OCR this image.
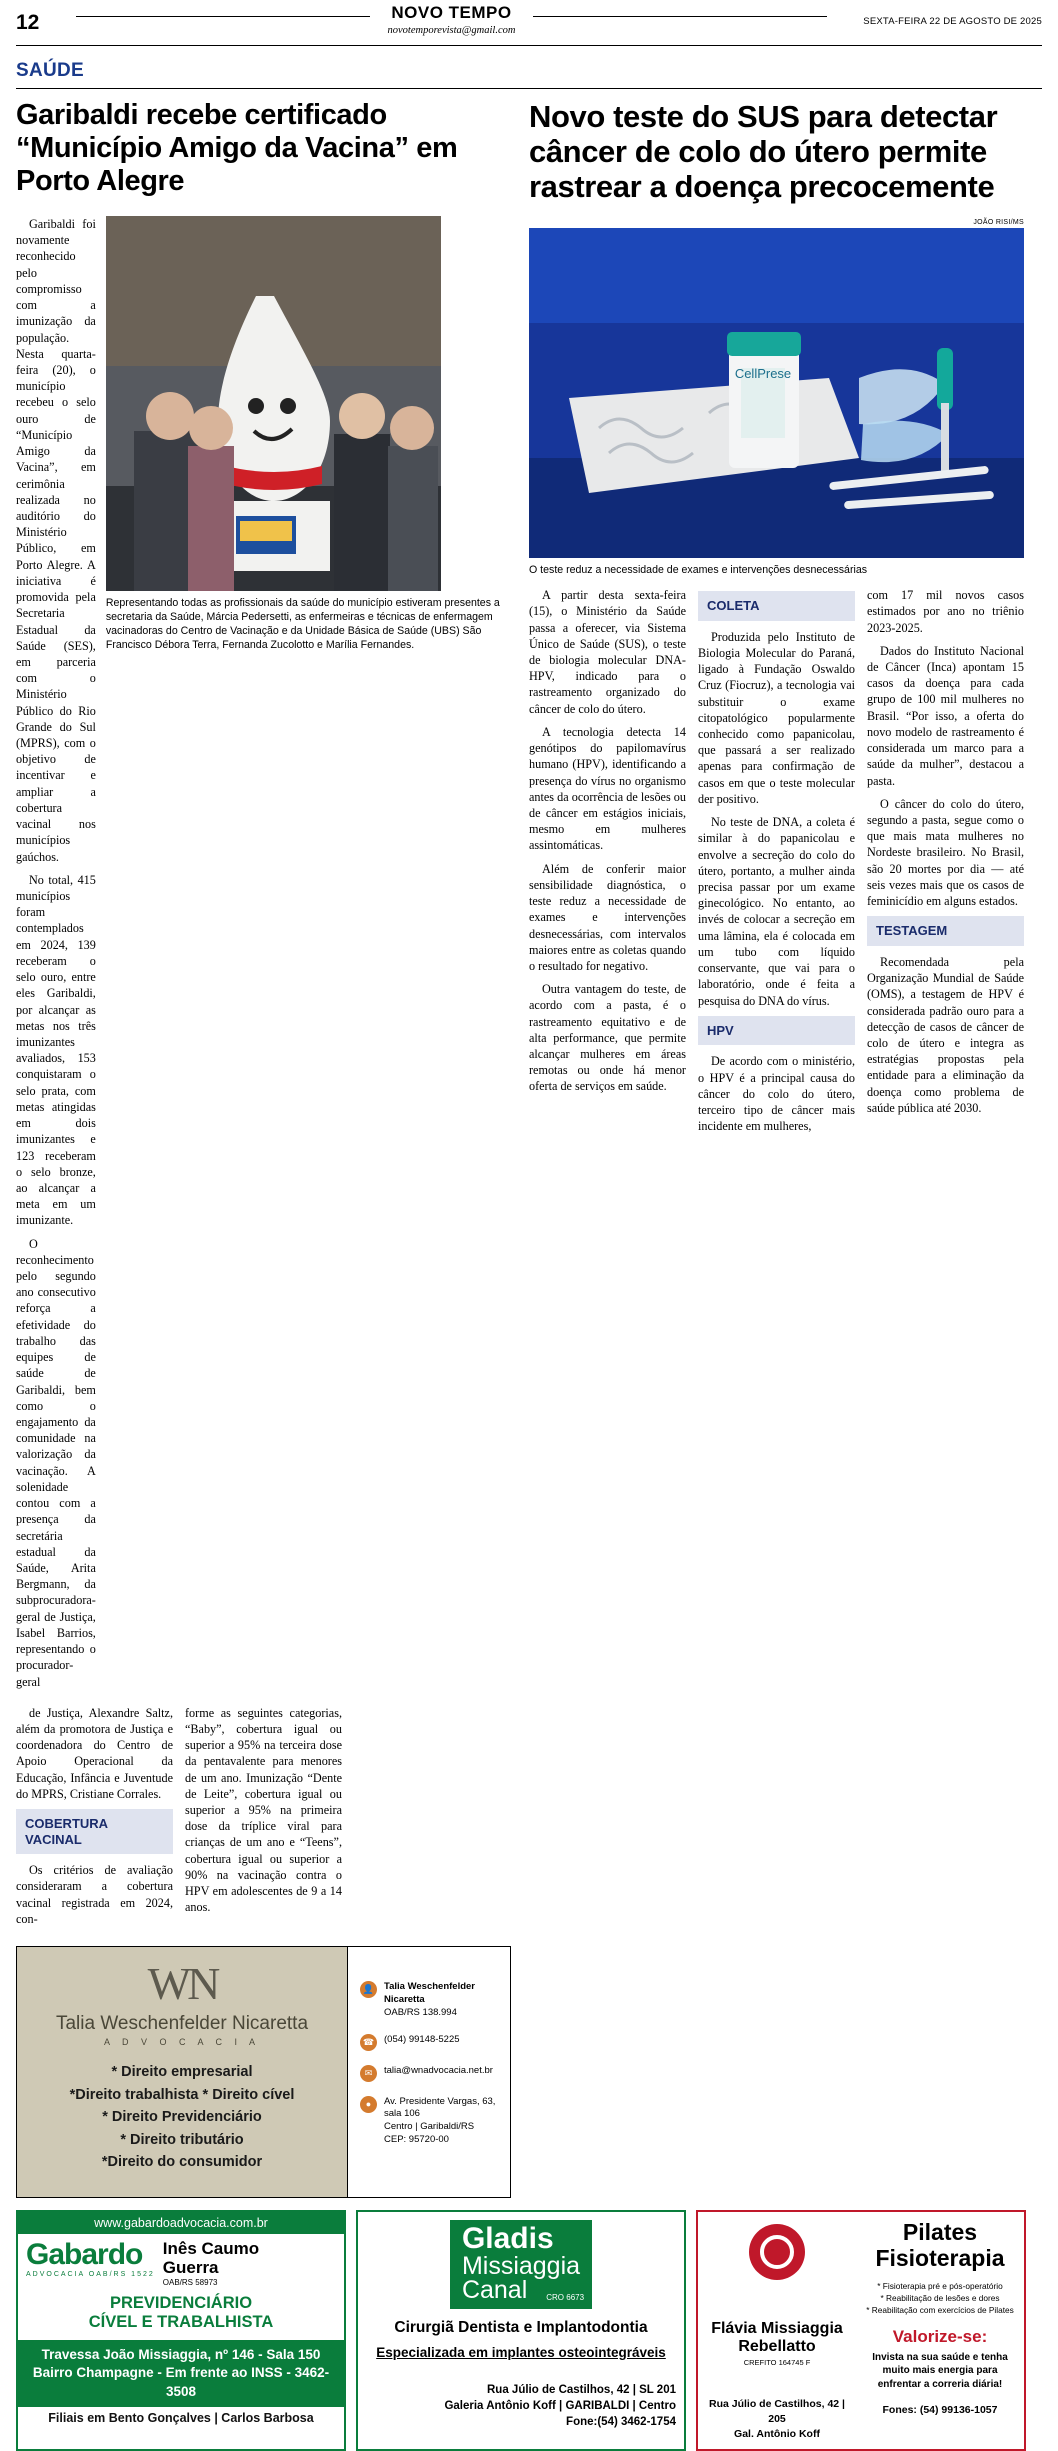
12	NOVO TEMPO
novotemporevista@gmail.com
SEXTA-FEIRA 22 DE AGOSTO DE 2025
SAÚDE
Garibaldi recebe certificado “Município Amigo da Vacina” em Porto Alegre
Novo teste do SUS para detectar câncer de colo do útero permite rastrear a doença precocemente

Garibaldi foi novamente reconhecido pelo compromisso com a imunização da população. Nesta quarta-feira (20), o município recebeu o selo ouro de “Município Amigo da Vacina”, em cerimônia realizada no auditório do Ministério Público, em Porto Alegre. A iniciativa é promovida pela Secretaria Estadual da Saúde (SES), em parceria com o Ministério Público do Rio Grande do Sul (MPRS), com o objetivo de incentivar e ampliar a cobertura vacinal nos municípios gaúchos.

No total, 415 municípios foram contemplados em 2024, 139 receberam o selo ouro, entre eles Garibaldi, por alcançar as metas nos três imunizantes avaliados, 153 conquistaram o selo prata, com metas atingidas em dois imunizantes e 123 receberam o selo bronze, ao alcançar a meta em um imunizante.

O reconhecimento pelo segundo ano consecutivo reforça a efetividade do trabalho das equipes de saúde de Garibaldi, bem como o engajamento da comunidade na valorização da vacinação. A solenidade contou com a presença da secretária estadual da Saúde, Arita Bergmann, da subprocuradora-geral de Justiça, Isabel Barrios, representando o procurador-geral

Representando todas as profissionais da saúde do município estiveram presentes a secretaria da Saúde, Márcia Pedersetti, as enfermeiras e técnicas de enfermagem vacinadoras do Centro de Vacinação e da Unidade Básica de Saúde (UBS) São Francisco Débora Terra, Fernanda Zucolotto e Marília Fernandes.

de Justiça, Alexandre Saltz, além da promotora de Justiça e coordenadora do Centro de Apoio Operacional da Educação, Infância e Juventude do MPRS, Cristiane Corrales.

COBERTURA VACINAL

Os critérios de avaliação consideraram a cobertura vacinal registrada em 2024, con-

forme as seguintes categorias, “Baby”, cobertura igual ou superior a 95% na terceira dose da pentavalente para menores de um ano. Imunização “Dente de Leite”, cobertura igual ou superior a 95% na primeira dose da tríplice viral para crianças de um ano e “Teens”, cobertura igual ou superior a 90% na vacinação contra o HPV em adolescentes de 9 a 14 anos.

JOÃO RISI/MS
CellPrese
O teste reduz a necessidade de exames e intervenções desnecessárias

A partir desta sexta-feira (15), o Ministério da Saúde passa a oferecer, via Sistema Único de Saúde (SUS), o teste de biologia molecular DNA-HPV, indicado para o rastreamento organizado do câncer de colo do útero.

A tecnologia detecta 14 genótipos do papilomavírus humano (HPV), identificando a presença do vírus no organismo antes da ocorrência de lesões ou de câncer em estágios iniciais, mesmo em mulheres assintomáticas.

Além de conferir maior sensibilidade diagnóstica, o teste reduz a necessidade de exames e intervenções desnecessárias, com intervalos maiores entre as coletas quando o resultado for negativo.

Outra vantagem do teste, de acordo com a pasta, é o rastreamento equitativo e de alta performance, que permite alcançar mulheres em áreas remotas ou onde há menor oferta de serviços em saúde.

COLETA

Produzida pelo Instituto de Biologia Molecular do Paraná, ligado à Fundação Oswaldo Cruz (Fiocruz), a tecnologia vai substituir o exame citopatológico popularmente conhecido como papanicolau, que passará a ser realizado apenas para confirmação de casos em que o teste molecular der positivo.

No teste de DNA, a coleta é similar à do papanicolau e envolve a secreção do colo do útero, portanto, a mulher ainda precisa passar por um exame ginecológico. No entanto, ao invés de colocar a secreção em uma lâmina, ela é colocada em um tubo com líquido conservante, que vai para o laboratório, onde é feita a pesquisa do DNA do vírus.

HPV

De acordo com o ministério, o HPV é a principal causa do câncer do colo do útero, terceiro tipo de câncer mais incidente em mulheres,

com 17 mil novos casos estimados por ano no triênio 2023-2025.

Dados do Instituto Nacional de Câncer (Inca) apontam 15 casos da doença para cada grupo de 100 mil mulheres no Brasil. “Por isso, a oferta do novo modelo de rastreamento é considerada um marco para a saúde da mulher”, destacou a pasta.

O câncer do colo do útero, segundo a pasta, segue como o que mais mata mulheres no Nordeste brasileiro. No Brasil, são 20 mortes por dia — até seis vezes mais que os casos de feminicídio em alguns estados.

TESTAGEM

Recomendada pela Organização Mundial de Saúde (OMS), a testagem de HPV é considerada padrão ouro para a detecção de casos de câncer de colo de útero e integra as estratégias propostas pela entidade para a eliminação da doença como problema de saúde pública até 2030.

WN
Talia Weschenfelder Nicaretta
A D V O C A C I A
* Direito empresarial
*Direito trabalhista * Direito cível
* Direito Previdenciário
* Direito tributário
*Direito do consumidor
👤	Talia Weschenfelder Nicaretta
OAB/RS 138.994
☎	(054) 99148-5225
✉	talia@wnadvocacia.net.br
●	Av. Presidente Vargas, 63, sala 106
Centro | Garibaldi/RS
CEP: 95720-00
www.gabardoadvocacia.com.br
Gabardo
ADVOCACIA OAB/RS 1522
Inês Caumo
Guerra
OAB/RS 58973
PREVIDENCIÁRIO
CÍVEL E TRABALHISTA
Travessa João Missiaggia, nº 146 - Sala 150
Bairro Champagne - Em frente ao INSS - 3462-3508
Filiais em Bento Gonçalves | Carlos Barbosa
Gladis
Missiaggia
Canal	CRO 6673
Cirurgiã Dentista e Implantodontia
Especializada em implantes osteointegráveis
Rua Júlio de Castilhos, 42 | SL 201
Galeria Antônio Koff | GARIBALDI | Centro
Fone:(54) 3462-1754
Flávia Missiaggia Rebellatto
CREFITO 164745 F
Rua Júlio de Castilhos, 42 | 205
Gal. Antônio Koff
Pilates
Fisioterapia
* Fisioterapia pré e pós-operatório
* Reabilitação de lesões e dores
* Reabilitação com exercícios de Pilates
Valorize-se:
Invista na sua saúde e tenha muito mais energia para enfrentar a correria diária!
Fones: (54) 99136-1057
